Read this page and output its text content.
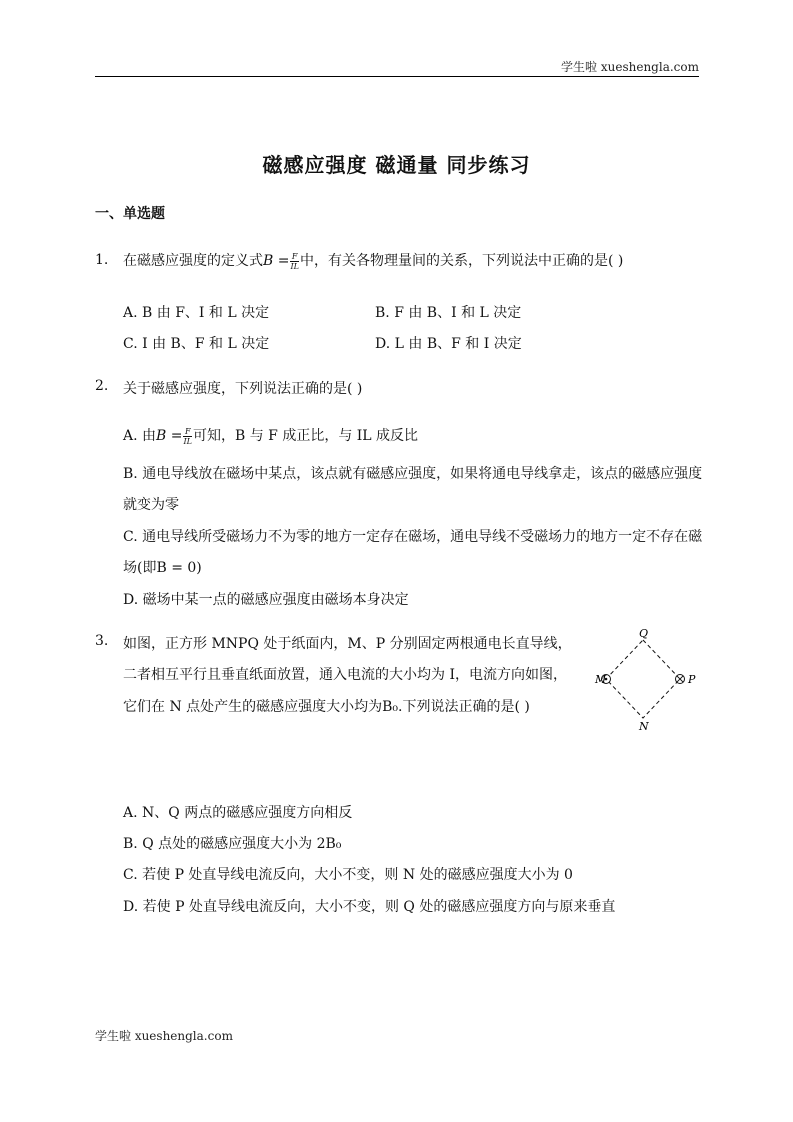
学生啦 xueshengla.com
磁感应强度 磁通量 同步练习
一、单选题
1. 在磁感应强度的定义式$B = \frac{F}{IL}$ 中，有关各物理量间的关系，下列说法中正确的是( )
A. B 由 F、I 和 L 决定	B. F 由 B、I 和 L 决定
C. I 由 B、F 和 L 决定	D. L 由 B、F 和 I 决定
2. 关于磁感应强度，下列说法正确的是( )
A. 由$B = \frac{F}{IL}$ 可知，B 与 F 成正比，与 IL 成反比
B. 通电导线放在磁场中某点，该点就有磁感应强度，如果将通电导线拿走，该点的磁感应强度
就变为零
C. 通电导线所受磁场力不为零的地方一定存在磁场，通电导线不受磁场力的地方一定不存在磁
场(即B = 0)
D. 磁场中某一点的磁感应强度由磁场本身决定
3. 如图，正方形 MNPQ 处于纸面内，M、P 分别固定两根通电长直导线，
二者相互平行且垂直纸面放置，通入电流的大小均为 I，电流方向如图，
它们在 N 点处产生的磁感应强度大小均为B₀.下列说法正确的是( )
Q
M	P
N
A. N、Q 两点的磁感应强度方向相反
B. Q 点处的磁感应强度大小为 2B₀
C. 若使 P 处直导线电流反向，大小不变，则 N 处的磁感应强度大小为 0
D. 若使 P 处直导线电流反向，大小不变，则 Q 处的磁感应强度方向与原来垂直
学生啦 xueshengla.com
